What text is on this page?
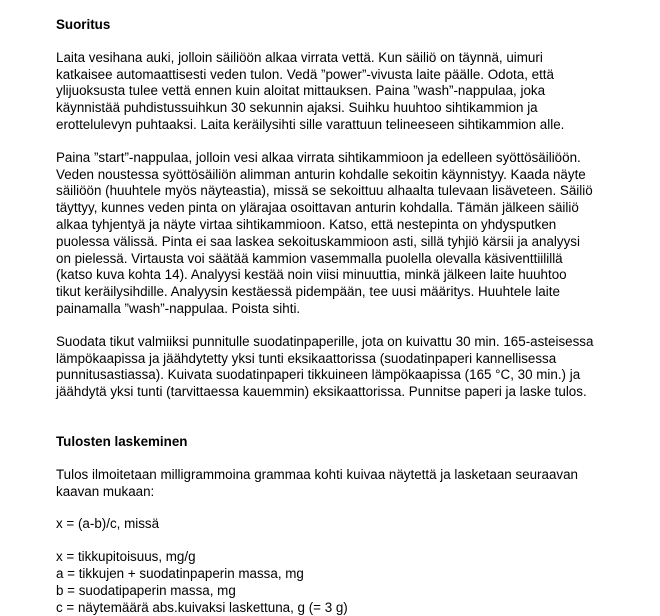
Suoritus

Laita vesihana auki, jolloin säiliöön alkaa virrata vettä. Kun säiliö on täynnä, uimuri
katkaisee automaattisesti veden tulon. Vedä ”power”-vivusta laite päälle. Odota, että
ylijuoksusta tulee vettä ennen kuin aloitat mittauksen. Paina ”wash”-nappulaa, joka
käynnistää puhdistussuihkun 30 sekunnin ajaksi. Suihku huuhtoo sihtikammion ja
erottelulevyn puhtaaksi. Laita keräilysihti sille varattuun telineeseen sihtikammion alle.

Paina ”start”-nappulaa, jolloin vesi alkaa virrata sihtikammioon ja edelleen syöttösäiliöön.
Veden noustessa syöttösäiliön alimman anturin kohdalle sekoitin käynnistyy. Kaada näyte
säiliöön (huuhtele myös näyteastia), missä se sekoittuu alhaalta tulevaan lisäveteen. Säiliö
täyttyy, kunnes veden pinta on ylärajaa osoittavan anturin kohdalla. Tämän jälkeen säiliö
alkaa tyhjentyä ja näyte virtaa sihtikammioon. Katso, että nestepinta on yhdysputken
puolessa välissä. Pinta ei saa laskea sekoituskammioon asti, sillä tyhjiö kärsii ja analyysi
on pielessä. Virtausta voi säätää kammion vasemmalla puolella olevalla käsiventtiilillä
(katso kuva kohta 14). Analyysi kestää noin viisi minuuttia, minkä jälkeen laite huuhtoo
tikut keräilysihdille. Analyysin kestäessä pidempään, tee uusi määritys. Huuhtele laite
painamalla ”wash”-nappulaa. Poista sihti.

Suodata tikut valmiiksi punnitulle suodatinpaperille, jota on kuivattu 30 min. 165-asteisessa
lämpökaapissa ja jäähdytetty yksi tunti eksikaattorissa (suodatinpaperi kannellisessa
punnitusastiassa). Kuivata suodatinpaperi tikkuineen lämpökaapissa (165 °C, 30 min.) ja
jäähdytä yksi tunti (tarvittaessa kauemmin) eksikaattorissa. Punnitse paperi ja laske tulos.

Tulosten laskeminen

Tulos ilmoitetaan milligrammoina grammaa kohti kuivaa näytettä ja lasketaan seuraavan
kaavan mukaan:

x = (a-b)/c, missä

x = tikkupitoisuus, mg/g
a = tikkujen + suodatinpaperin massa, mg
b = suodatipaperin massa, mg
c = näytemäärä abs.kuivaksi laskettuna, g (= 3 g)
